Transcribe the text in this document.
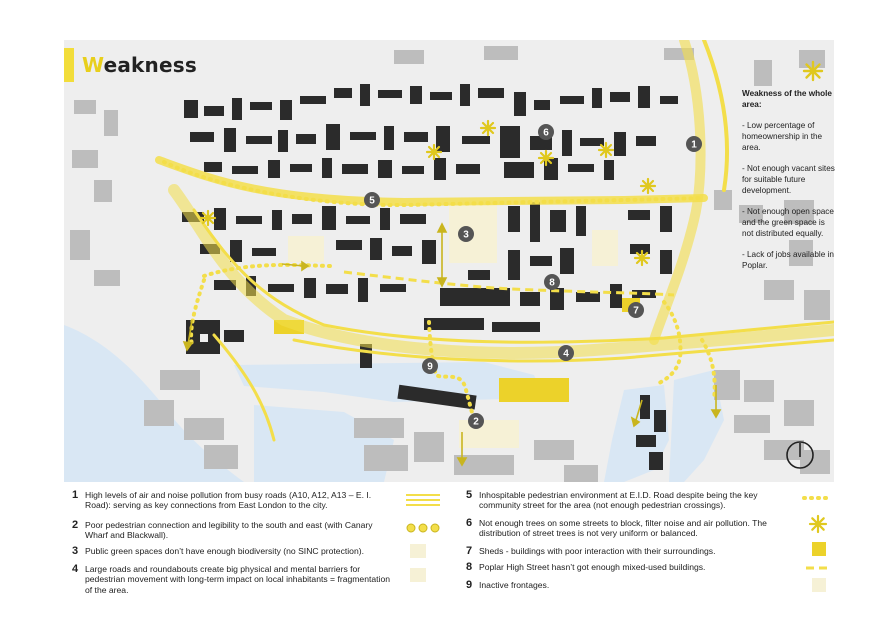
1
2
3
4
5
6
7
8
9
Weakness
Weakness of the whole area:
- Low percentage of homeownership in the area.
- Not enough vacant sites for suitable future development.
- Not enough open space and the green space is not distributed equally.
- Lack of jobs available in Poplar.
1 High levels of air and noise pollution from busy roads (A10, A12, A13 – E. I. Road): serving as key connections from East London to the city.
2 Poor pedestrian connection and legibility to the south and east (with Canary Wharf and Blackwall).
3 Public green spaces don’t have enough biodiversity (no SINC protection).
4 Large roads and roundabouts create big physical and mental barriers for pedestrian movement with long-term impact on local inhabitants = fragmentation of the area.
5 Inhospitable pedestrian environment at E.I.D. Road despite being the key community street for the area (not enough pedestrian crossings).
6 Not enough trees on some streets to block, filter noise and air pollution. The distribution of street trees is not very uniform or balanced.
7 Sheds - buildings with poor interaction with their surroundings.
8 Poplar High Street hasn’t got enough mixed-used buildings.
9 Inactive frontages.
